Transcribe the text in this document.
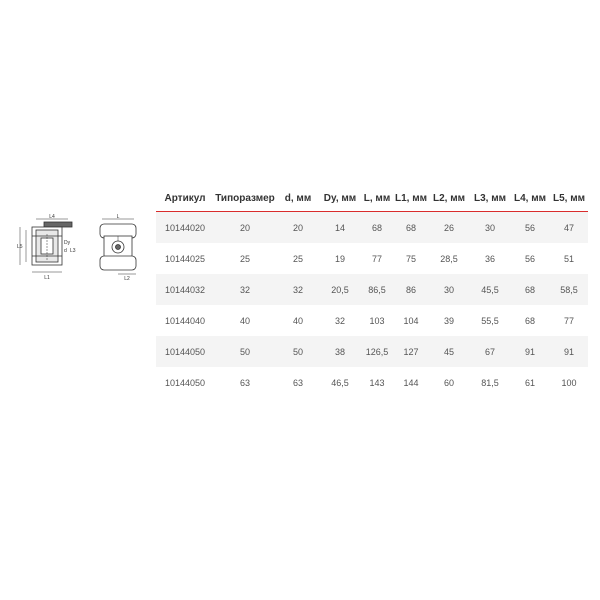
L4
L5
L1
Dy
d L3
L
L2
Артикул	Типоразмер	d, мм	Dy, мм	L, мм	L1, мм	L2, мм	L3, мм	L4, мм	L5, мм
10144020	20	20	14	68	68	26	30	56	47
10144025	25	25	19	77	75	28,5	36	56	51
10144032	32	32	20,5	86,5	86	30	45,5	68	58,5
10144040	40	40	32	103	104	39	55,5	68	77
10144050	50	50	38	126,5	127	45	67	91	91
10144050	63	63	46,5	143	144	60	81,5	61	100
